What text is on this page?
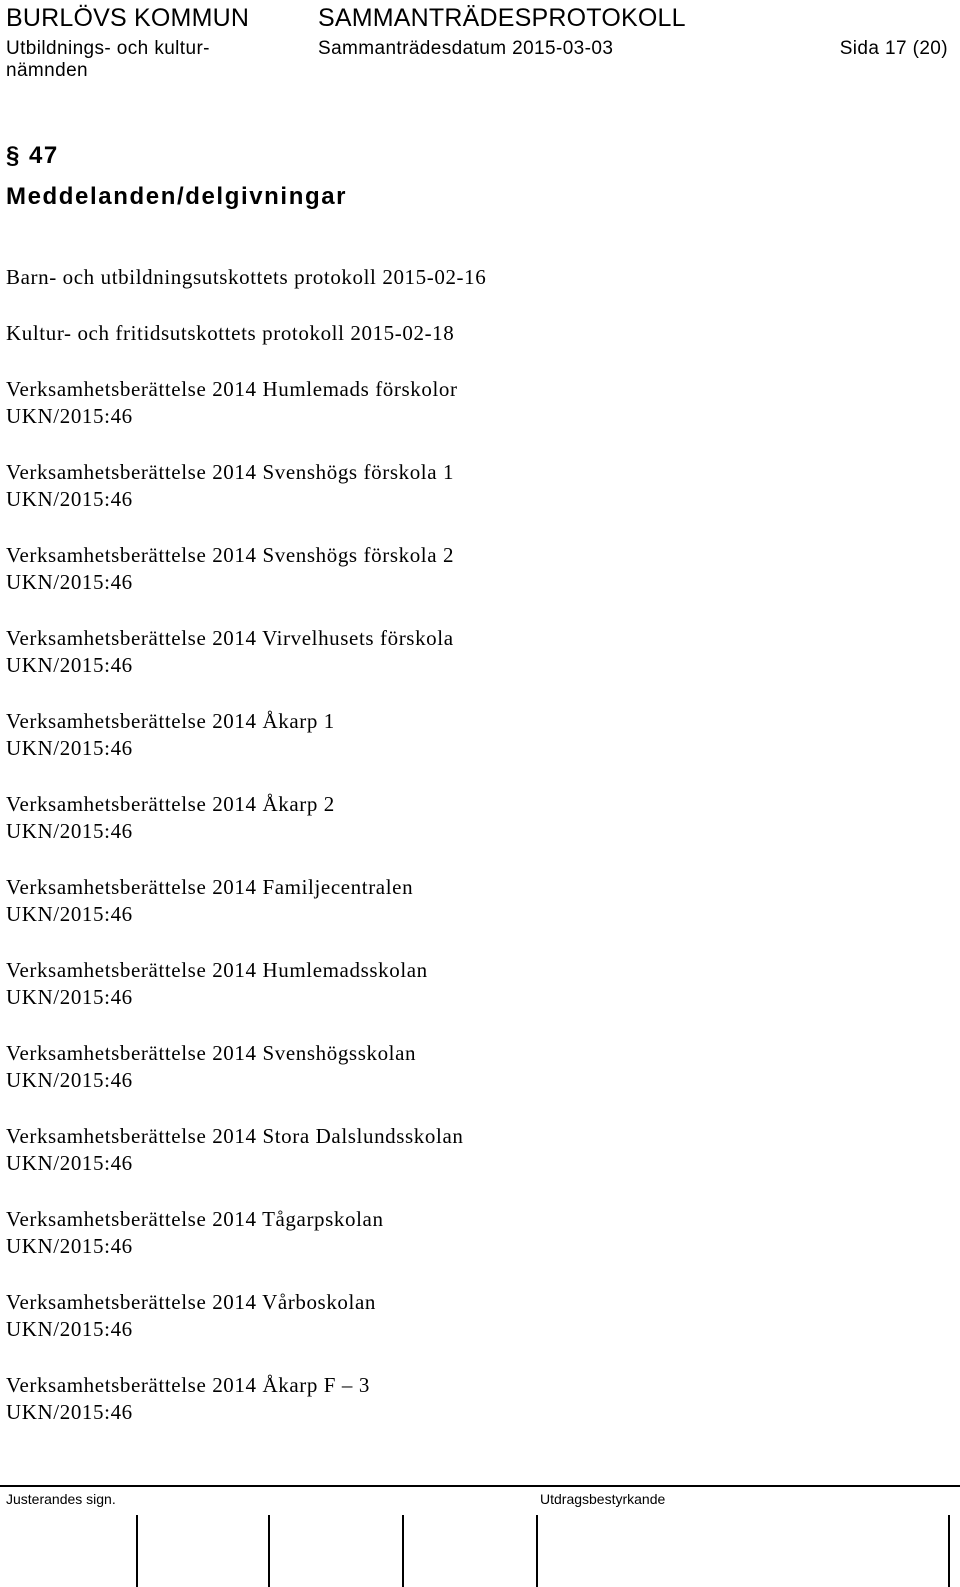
BURLÖVS KOMMUN	SAMMANTRÄDESPROTOKOLL
Utbildnings- och kultur-
nämnden
Sammanträdesdatum 2015-03-03	Sida 17 (20)
§ 47
Meddelanden/delgivningar
Barn- och utbildningsutskottets protokoll 2015-02-16
Kultur- och fritidsutskottets protokoll 2015-02-18
Verksamhetsberättelse 2014 Humlemads förskolor
UKN/2015:46
Verksamhetsberättelse 2014 Svenshögs förskola 1
UKN/2015:46
Verksamhetsberättelse 2014 Svenshögs förskola 2
UKN/2015:46
Verksamhetsberättelse 2014 Virvelhusets förskola
UKN/2015:46
Verksamhetsberättelse 2014 Åkarp 1
UKN/2015:46
Verksamhetsberättelse 2014 Åkarp 2
UKN/2015:46
Verksamhetsberättelse 2014 Familjecentralen
UKN/2015:46
Verksamhetsberättelse 2014 Humlemadsskolan
UKN/2015:46
Verksamhetsberättelse 2014 Svenshögsskolan
UKN/2015:46
Verksamhetsberättelse 2014 Stora Dalslundsskolan
UKN/2015:46
Verksamhetsberättelse 2014 Tågarpskolan
UKN/2015:46
Verksamhetsberättelse 2014 Vårboskolan
UKN/2015:46
Verksamhetsberättelse 2014 Åkarp F – 3
UKN/2015:46
Justerandes sign.	Utdragsbestyrkande
